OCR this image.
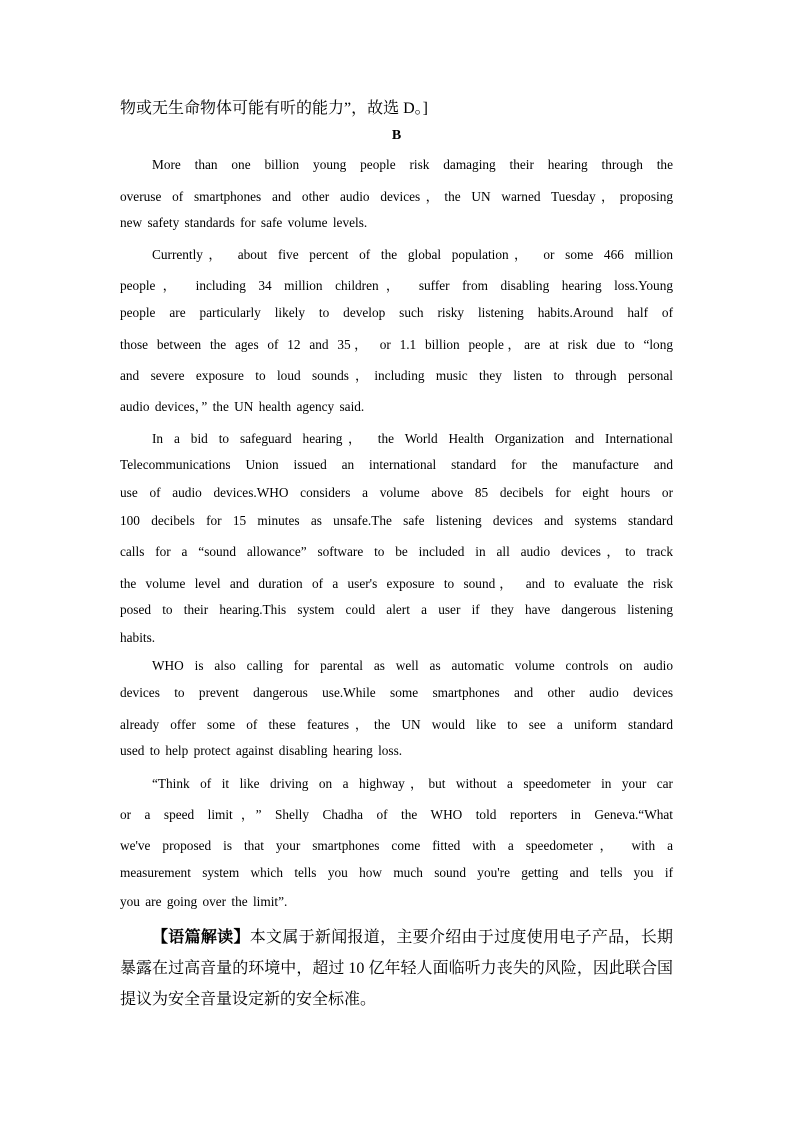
物或无生命物体可能有听的能力”，故选 D。]
B
More than one billion young people risk damaging their hearing through the
overuse of smartphones and other audio devices，the UN warned Tuesday，proposing
new safety standards for safe volume levels.
Currently， about five percent of the global population， or some 466 million
people， including 34 million children， suffer from disabling hearing loss.Young
people are particularly likely to develop such risky listening habits.Around half of
those between the ages of 12 and 35， or 1.1 billion people，are at risk due to “long
and severe exposure to loud sounds，including music they listen to through personal
audio devices，” the UN health agency said.
In a bid to safeguard hearing， the World Health Organization and International
Telecommunications Union issued an international standard for the manufacture and
use of audio devices.WHO considers a volume above 85 decibels for eight hours or
100 decibels for 15 minutes as unsafe.The safe listening devices and systems standard
calls for a “sound allowance” software to be included in all audio devices，to track
the volume level and duration of a user's exposure to sound， and to evaluate the risk
posed to their hearing.This system could alert a user if they have dangerous listening
habits.
WHO is also calling for parental as well as automatic volume controls on audio
devices to prevent dangerous use.While some smartphones and other audio devices
already offer some of these features，the UN would like to see a uniform standard
used to help protect against disabling hearing loss.
“Think of it like driving on a highway，but without a speedometer in your car
or a speed limit，” Shelly Chadha of the WHO told reporters in Geneva.“What
we've proposed is that your smartphones come fitted with a speedometer， with a
measurement system which tells you how much sound you're getting and tells you if
you are going over the limit”.
【语篇解读】本文属于新闻报道，主要介绍由于过度使用电子产品，长期
暴露在过高音量的环境中，超过 10 亿年轻人面临听力丧失的风险，因此联合国
提议为安全音量设定新的安全标准。
